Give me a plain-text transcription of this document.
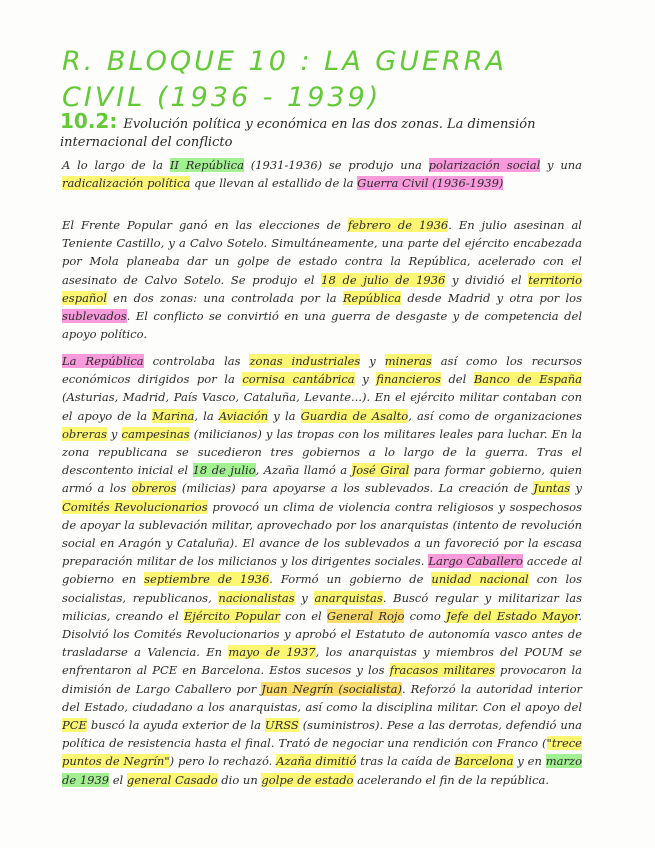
R. BLOQUE 10 : LA GUERRA CIVIL (1936 - 1939)
10.2: Evolución política y económica en las dos zonas. La dimensión internacional del conflicto
A lo largo de la II República (1931-1936) se produjo una polarización social y una radicalización política que llevan al estallido de la Guerra Civil (1936-1939)
El Frente Popular ganó en las elecciones de febrero de 1936. En julio asesinan al Teniente Castillo, y a Calvo Sotelo. Simultáneamente, una parte del ejército encabezada por Mola planeaba dar un golpe de estado contra la República, acelerado con el asesinato de Calvo Sotelo. Se produjo el 18 de julio de 1936 y dividió el territorio español en dos zonas: una controlada por la República desde Madrid y otra por los sublevados. El conflicto se convirtió en una guerra de desgaste y de competencia del apoyo político.
La República controlaba las zonas industriales y mineras así como los recursos económicos dirigidos por la cornisa cantábrica y financieros del Banco de España (Asturias, Madrid, País Vasco, Cataluña, Levante...). En el ejército militar contaban con el apoyo de la Marina, la Aviación y la Guardia de Asalto, así como de organizaciones obreras y campesinas (milicianos) y las tropas con los militares leales para luchar. En la zona republicana se sucedieron tres gobiernos a lo largo de la guerra. Tras el descontento inicial el 18 de julio, Azaña llamó a José Giral para formar gobierno, quien armó a los obreros (milicias) para apoyarse a los sublevados. La creación de Juntas y Comités Revolucionarios provocó un clima de violencia contra religiosos y sospechosos de apoyar la sublevación militar, aprovechado por los anarquistas (intento de revolución social en Aragón y Cataluña). El avance de los sublevados a un favoreció por la escasa preparación militar de los milicianos y los dirigentes sociales. Largo Caballero accede al gobierno en septiembre de 1936. Formó un gobierno de unidad nacional con los socialistas, republicanos, nacionalistas y anarquistas. Buscó regular y militarizar las milicias, creando el Ejército Popular con el General Rojo como Jefe del Estado Mayor. Disolvió los Comités Revolucionarios y aprobó el Estatuto de autonomía vasco antes de trasladarse a Valencia. En mayo de 1937, los anarquistas y miembros del POUM se enfrentaron al PCE en Barcelona. Estos sucesos y los fracasos militares provocaron la dimisión de Largo Caballero por Juan Negrín (socialista). Reforzó la autoridad interior del Estado, ciudadano a los anarquistas, así como la disciplina militar. Con el apoyo del PCE buscó la ayuda exterior de la URSS (suministros). Pese a las derrotas, defendió una política de resistencia hasta el final. Trató de negociar una rendición con Franco ("trece puntos de Negrín") pero lo rechazó. Azaña dimitió tras la caída de Barcelona y en marzo de 1939 el general Casado dio un golpe de estado acelerando el fin de la república.
